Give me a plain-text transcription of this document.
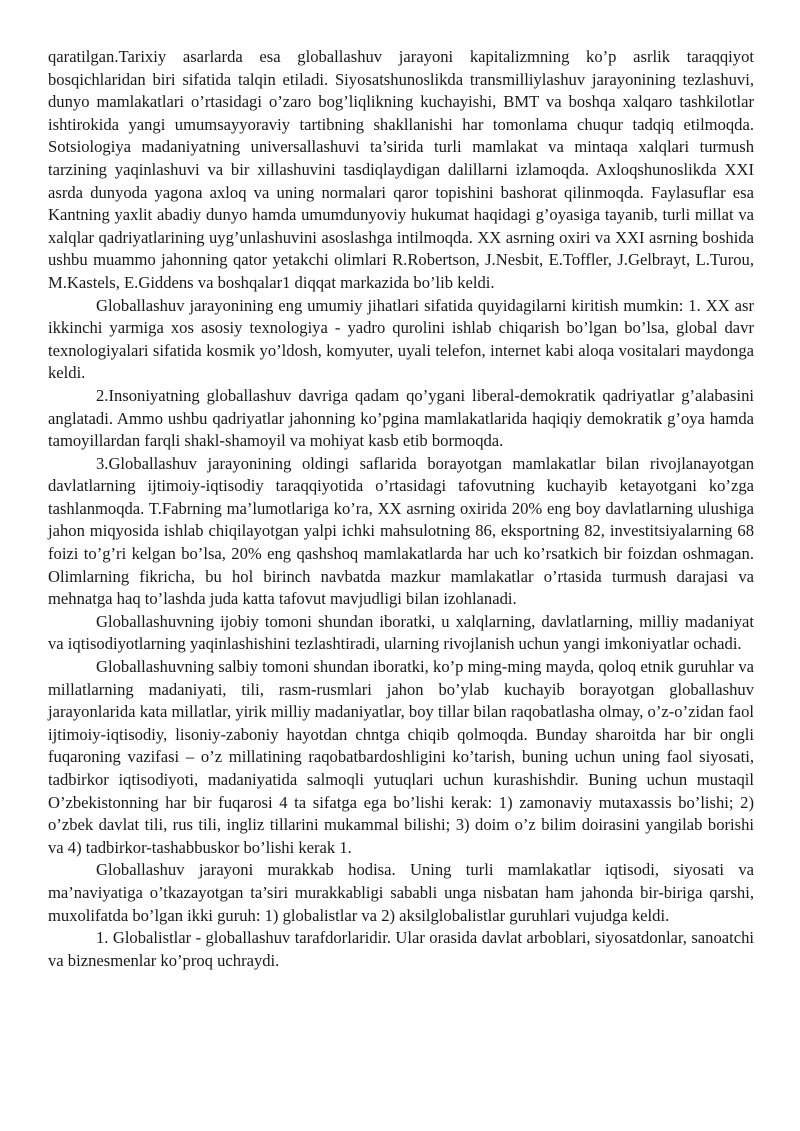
qaratilgan.Tarixiy asarlarda esa globallashuv jarayoni kapitalizmning ko’p asrlik taraqqiyot bosqichlaridan biri sifatida talqin etiladi. Siyosatshunoslikda transmilliylashuv jarayonining tezlashuvi, dunyo mamlakatlari o’rtasidagi o’zaro bog’liqlikning kuchayishi, BMT va boshqa xalqaro tashkilotlar ishtirokida yangi umumsayyoraviy tartibning shakllanishi har tomonlama chuqur tadqiq etilmoqda. Sotsiologiya madaniyatning universallashuvi ta’sirida turli mamlakat va mintaqa xalqlari turmush tarzining yaqinlashuvi va bir xillashuvini tasdiqlaydigan dalillarni izlamoqda. Axloqshunoslikda XXI asrda dunyoda yagona axloq va uning normalari qaror topishini bashorat qilinmoqda. Faylasuflar esa Kantning yaxlit abadiy dunyo hamda umumdunyoviy hukumat haqidagi g’oyasiga tayanib, turli millat va xalqlar qadriyatlarining uyg’unlashuvini asoslashga intilmoqda. XX asrning oxiri va XXI asrning boshida ushbu muammo jahonning qator yetakchi olimlari R.Robertson, J.Nesbit, E.Toffler, J.Gelbrayt, L.Turou, M.Kastels, E.Giddens va boshqalar1 diqqat markazida bo’lib keldi.

Globallashuv jarayonining eng umumiy jihatlari sifatida quyidagilarni kiritish mumkin: 1. XX asr ikkinchi yarmiga xos asosiy texnologiya - yadro qurolini ishlab chiqarish bo’lgan bo’lsa, global davr texnologiyalari sifatida kosmik yo’ldosh, komyuter, uyali telefon, internet kabi aloqa vositalari maydonga keldi.

2.Insoniyatning globallashuv davriga qadam qo’ygani liberal-demokratik qadriyatlar g’alabasini anglatadi. Ammo ushbu qadriyatlar jahonning ko’pgina mamlakatlarida haqiqiy demokratik g’oya hamda tamoyillardan farqli shakl-shamoyil va mohiyat kasb etib bormoqda.

3.Globallashuv jarayonining oldingi saflarida borayotgan mamlakatlar bilan rivojlanayotgan davlatlarning ijtimoiy-iqtisodiy taraqqiyotida o’rtasidagi tafovutning kuchayib ketayotgani ko’zga tashlanmoqda. T.Fabrning ma’lumotlariga ko’ra, XX asrning oxirida 20% eng boy davlatlarning ulushiga jahon miqyosida ishlab chiqilayotgan yalpi ichki mahsulotning 86, eksportning 82, investitsiyalarning 68 foizi to’g’ri kelgan bo’lsa, 20% eng qashshoq mamlakatlarda har uch ko’rsatkich bir foizdan oshmagan. Olimlarning fikricha, bu hol birinch navbatda mazkur mamlakatlar o’rtasida turmush darajasi va mehnatga haq to’lashda juda katta tafovut mavjudligi bilan izohlanadi.

Globallashuvning ijobiy tomoni shundan iboratki, u xalqlarning, davlatlarning, milliy madaniyat va iqtisodiyotlarning yaqinlashishini tezlashtiradi, ularning rivojlanish uchun yangi imkoniyatlar ochadi.

Globallashuvning salbiy tomoni shundan iboratki, ko’p ming-ming mayda, qoloq etnik guruhlar va millatlarning madaniyati, tili, rasm-rusmlari jahon bo’ylab kuchayib borayotgan globallashuv jarayonlarida kata millatlar, yirik milliy madaniyatlar, boy tillar bilan raqobatlasha olmay, o’z-o’zidan faol ijtimoiy-iqtisodiy, lisoniy-zaboniy hayotdan chntga chiqib qolmoqda. Bunday sharoitda har bir ongli fuqaroning vazifasi – o’z millatining raqobatbardoshligini ko’tarish, buning uchun uning faol siyosati, tadbirkor iqtisodiyoti, madaniyatida salmoqli yutuqlari uchun kurashishdir. Buning uchun mustaqil O’zbekistonning har bir fuqarosi 4 ta sifatga ega bo’lishi kerak: 1) zamonaviy mutaxassis bo’lishi; 2) o’zbek davlat tili, rus tili, ingliz tillarini mukammal bilishi; 3) doim o’z bilim doirasini yangilab borishi va 4) tadbirkor-tashabbuskor bo’lishi kerak 1.

Globallashuv jarayoni murakkab hodisa. Uning turli mamlakatlar iqtisodi, siyosati va ma’naviyatiga o’tkazayotgan ta’siri murakkabligi sababli unga nisbatan ham jahonda bir-biriga qarshi, muxolifatda bo’lgan ikki guruh: 1) globalistlar va 2) aksilglobalistlar guruhlari vujudga keldi.

1. Globalistlar - globallashuv tarafdorlaridir. Ular orasida davlat arboblari, siyosatdonlar, sanoatchi va biznesmenlar ko’proq uchraydi.
